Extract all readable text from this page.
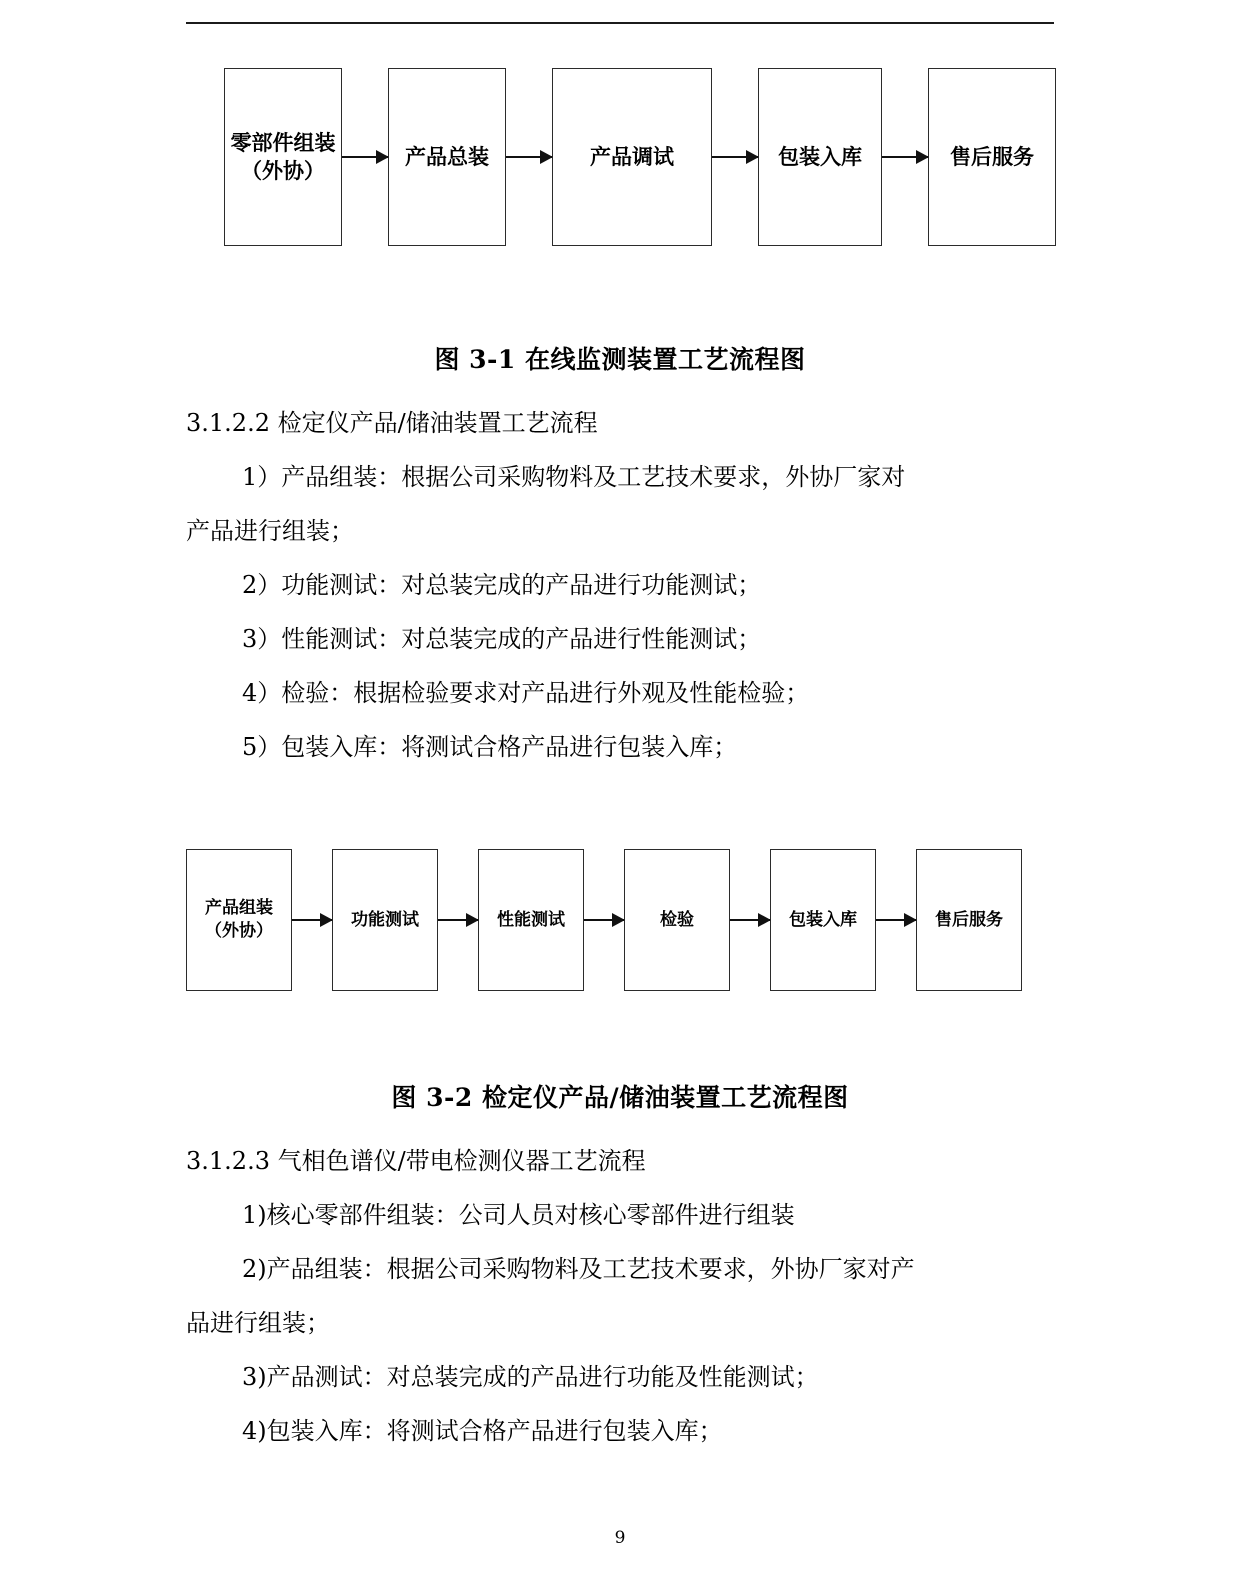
零部件组装
（外协）
产品总装	产品调试	包装入库	售后服务
图 3-1 在线监测装置工艺流程图

3.1.2.2 检定仪产品/储油装置工艺流程

1）产品组装：根据公司采购物料及工艺技术要求，外协厂家对

产品进行组装；

2）功能测试：对总装完成的产品进行功能测试；

3）性能测试：对总装完成的产品进行性能测试；

4）检验：根据检验要求对产品进行外观及性能检验；

5）包装入库：将测试合格产品进行包装入库；

产品组装
（外协）
功能测试	性能测试	检验	包装入库	售后服务
图 3-2 检定仪产品/储油装置工艺流程图

3.1.2.3 气相色谱仪/带电检测仪器工艺流程

1)核心零部件组装：公司人员对核心零部件进行组装

2)产品组装：根据公司采购物料及工艺技术要求，外协厂家对产

品进行组装；

3)产品测试：对总装完成的产品进行功能及性能测试；

4)包装入库：将测试合格产品进行包装入库；

9
